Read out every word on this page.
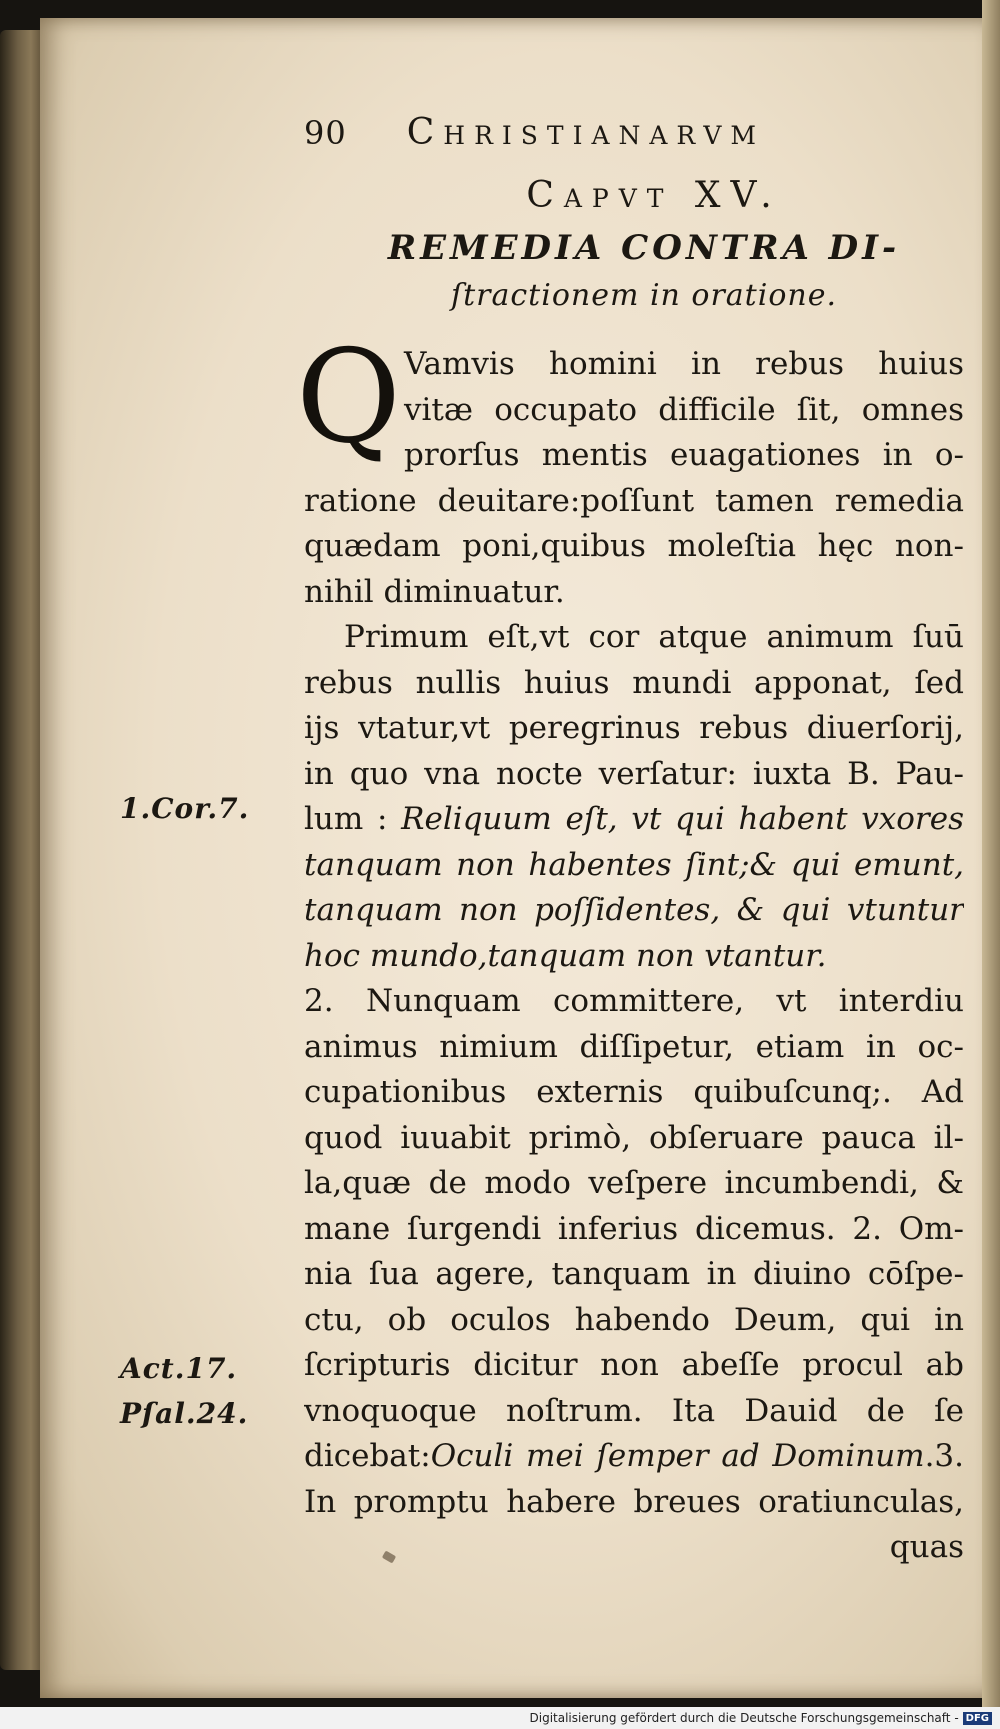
1.Cor.7.
Act.17.
Pſal.24.
90 Christianarvm
Capvt XV.
REMEDIA CONTRA DI-
ſtractionem in oratione.
Q Vamvis homini in rebus huius
vitæ occupato difficile ſit, omnes
prorſus mentis euagationes in o-
ratione deuitare:poſſunt tamen remedia
quædam poni,quibus moleſtia hęc non-
nihil diminuatur.
Primum eſt,vt cor atque animum ſuū
rebus nullis huius mundi apponat, ſed
ijs vtatur,vt peregrinus rebus diuerſorij,
in quo vna nocte verſatur: iuxta B. Pau-
lum : Reliquum eſt, vt qui habent vxores
tanquam non habentes ſint;& qui emunt,
tanquam non poſſidentes, & qui vtuntur
hoc mundo,tanquam non vtantur.
2. Nunquam committere, vt interdiu
animus nimium diſſipetur, etiam in oc-
cupationibus externis quibuſcunq;. Ad
quod iuuabit primò, obſeruare pauca il-
la,quæ de modo veſpere incumbendi, &
mane ſurgendi inferius dicemus. 2. Om-
nia ſua agere, tanquam in diuino cōſpe-
ctu, ob oculos habendo Deum, qui in
ſcripturis dicitur non abeſſe procul ab
vnoquoque noſtrum. Ita Dauid de ſe
dicebat:Oculi mei ſemper ad Dominum.3.
In promptu habere breues oratiunculas,
quas
Digitalisierung gefördert durch die Deutsche Forschungsgemeinschaft - DFG
